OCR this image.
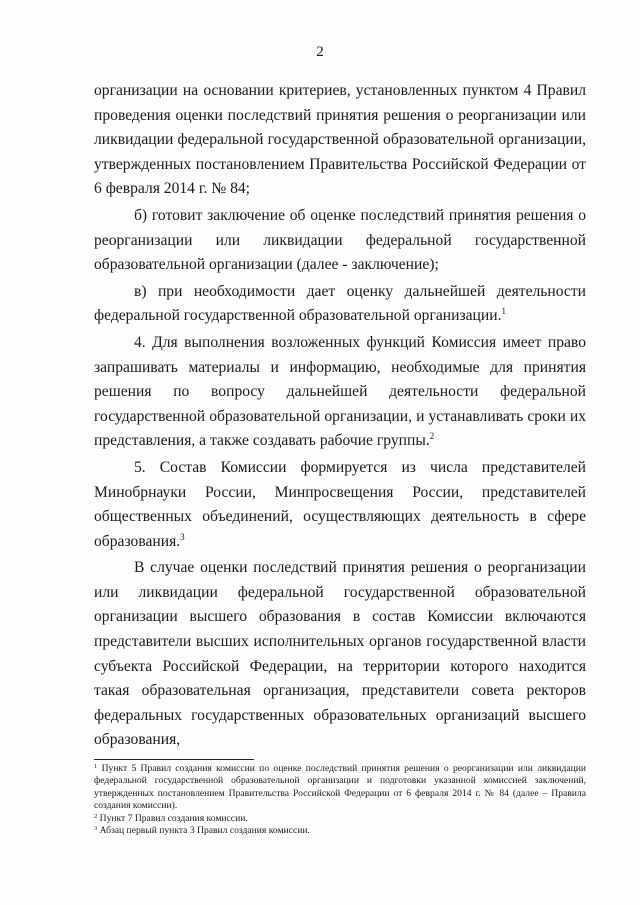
2

организации на основании критериев, установленных пунктом 4 Правил проведения оценки последствий принятия решения о реорганизации или ликвидации федеральной государственной образовательной организации, утвержденных постановлением Правительства Российской Федерации от 6 февраля 2014 г. № 84;

б) готовит заключение об оценке последствий принятия решения о реорганизации или ликвидации федеральной государственной образовательной организации (далее - заключение);

в) при необходимости дает оценку дальнейшей деятельности федеральной государственной образовательной организации.$^1$

4. Для выполнения возложенных функций Комиссия имеет право запрашивать материалы и информацию, необходимые для принятия решения по вопросу дальнейшей деятельности федеральной государственной образовательной организации, и устанавливать сроки их представления, а также создавать рабочие группы.$^2$

5. Состав Комиссии формируется из числа представителей Минобрнауки России, Минпросвещения России, представителей общественных объединений, осуществляющих деятельность в сфере образования.$^3$

В случае оценки последствий принятия решения о реорганизации или ликвидации федеральной государственной образовательной организации высшего образования в состав Комиссии включаются представители высших исполнительных органов государственной власти субъекта Российской Федерации, на территории которого находится такая образовательная организация, представители совета ректоров федеральных государственных образовательных организаций высшего образования,

$^1$ Пункт 5 Правил создания комиссии по оценке последствий принятия решения о реорганизации или ликвидации федеральной государственной образовательной организации и подготовки указанной комиссией заключений, утвержденных постановлением Правительства Российской Федерации от 6 февраля 2014 г. № 84 (далее – Правила создания комиссии).

$^2$ Пункт 7 Правил создания комиссии.

$^3$ Абзац первый пункта 3 Правил создания комиссии.
